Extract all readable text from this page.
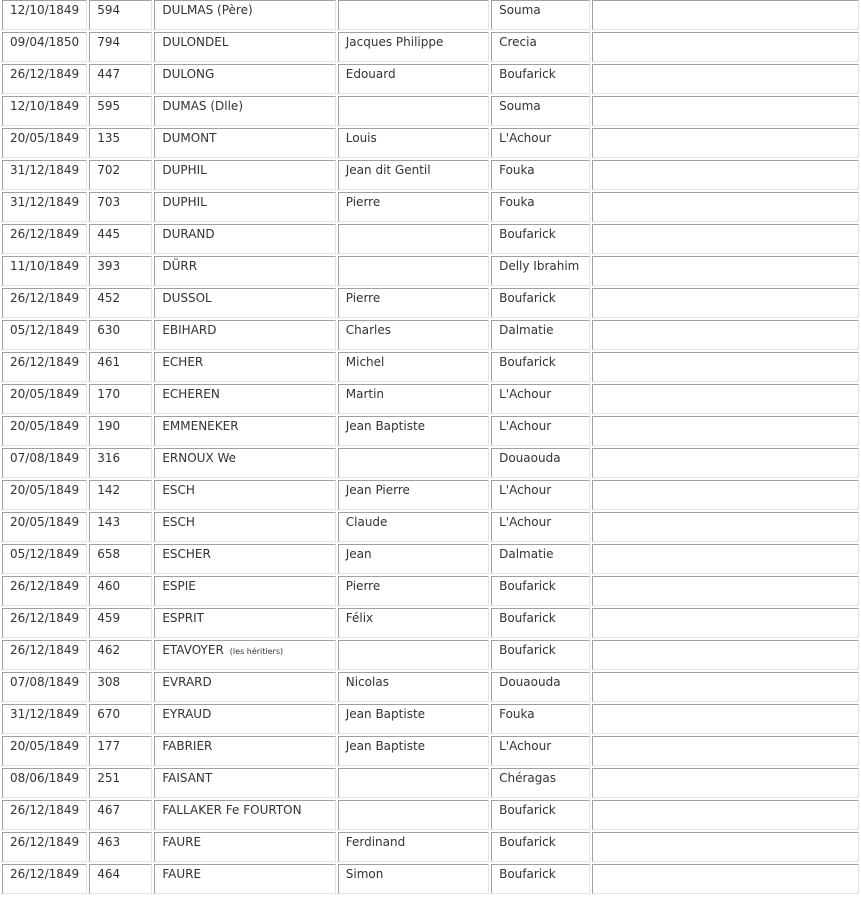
12/10/1849	594	DULMAS (Père)		Souma	
09/04/1850	794	DULONDEL	Jacques Philippe	Crecia	
26/12/1849	447	DULONG	Edouard	Boufarick	
12/10/1849	595	DUMAS (Dlle)		Souma	
20/05/1849	135	DUMONT	Louis	L'Achour	
31/12/1849	702	DUPHIL	Jean dit Gentil	Fouka	
31/12/1849	703	DUPHIL	Pierre	Fouka	
26/12/1849	445	DURAND		Boufarick	
11/10/1849	393	DÜRR		Delly Ibrahim	
26/12/1849	452	DUSSOL	Pierre	Boufarick	
05/12/1849	630	EBIHARD	Charles	Dalmatie	
26/12/1849	461	ECHER	Michel	Boufarick	
20/05/1849	170	ECHEREN	Martin	L'Achour	
20/05/1849	190	EMMENEKER	Jean Baptiste	L'Achour	
07/08/1849	316	ERNOUX We		Douaouda	
20/05/1849	142	ESCH	Jean Pierre	L'Achour	
20/05/1849	143	ESCH	Claude	L'Achour	
05/12/1849	658	ESCHER	Jean	Dalmatie	
26/12/1849	460	ESPIE	Pierre	Boufarick	
26/12/1849	459	ESPRIT	Félix	Boufarick	
26/12/1849	462	ETAVOYER (les héritiers)		Boufarick	
07/08/1849	308	EVRARD	Nicolas	Douaouda	
31/12/1849	670	EYRAUD	Jean Baptiste	Fouka	
20/05/1849	177	FABRIER	Jean Baptiste	L'Achour	
08/06/1849	251	FAISANT		Chéragas	
26/12/1849	467	FALLAKER Fe FOURTON		Boufarick	
26/12/1849	463	FAURE	Ferdinand	Boufarick	
26/12/1849	464	FAURE	Simon	Boufarick	
